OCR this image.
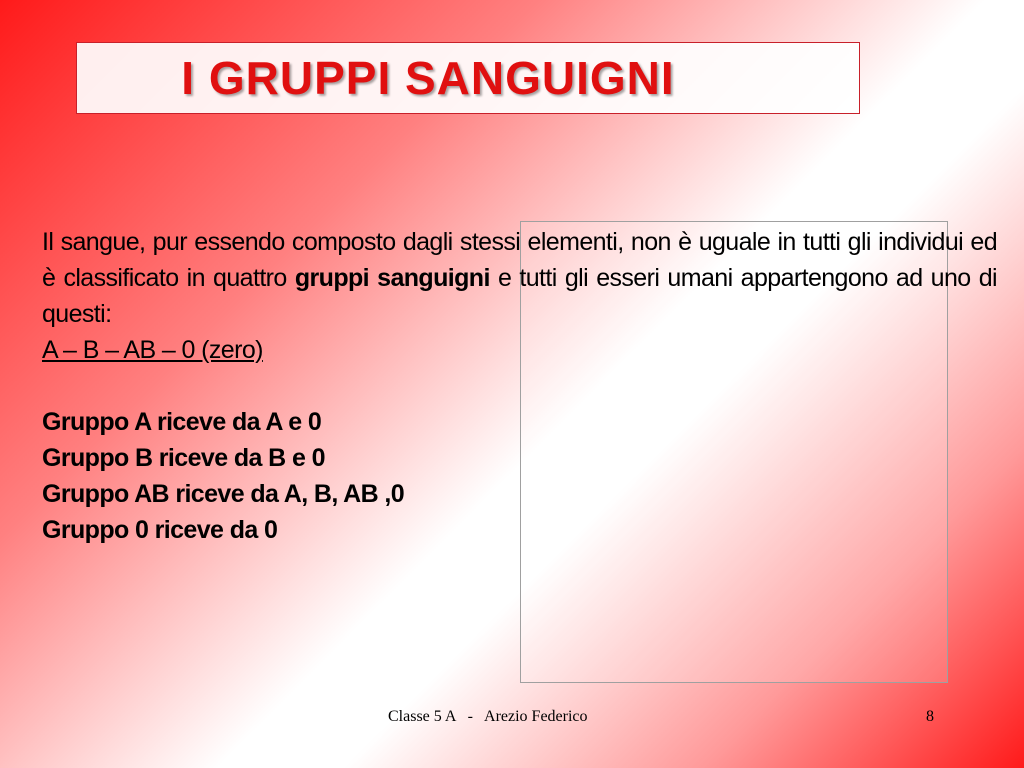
I GRUPPI SANGUIGNI

Il sangue, pur essendo composto dagli stessi elementi, non è uguale in tutti gli individui ed è classificato in quattro gruppi sanguigni e tutti gli esseri umani appartengono ad uno di questi:

A – B – AB – 0 (zero)

Gruppo A riceve da A e 0

Gruppo B riceve da B e 0

Gruppo AB riceve da A, B, AB ,0

Gruppo 0 riceve da 0

Classe 5 A   -   Arezio Federico	8
